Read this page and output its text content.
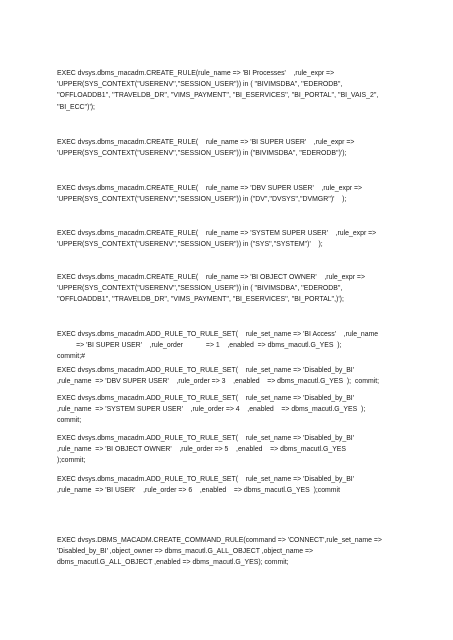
EXEC dvsys.dbms_macadm.CREATE_RULE(rule_name => 'BI Processes'    ,rule_expr =>
'UPPER(SYS_CONTEXT(''USERENV'',''SESSION_USER'')) in ( ''BIVIMSDBA'', ''EDERODB'',
''OFFLOADDB1'', ''TRAVELDB_DR'', ''VIMS_PAYMENT'', ''BI_ESERVICES'', ''BI_PORTAL'', ''BI_VAIS_2'',
''BI_ECC'')');
EXEC dvsys.dbms_macadm.CREATE_RULE(    rule_name => 'BI SUPER USER'    ,rule_expr =>
'UPPER(SYS_CONTEXT(''USERENV'',''SESSION_USER'')) in (''BIVIMSDBA'', ''EDERODB'')');
EXEC dvsys.dbms_macadm.CREATE_RULE(    rule_name => 'DBV SUPER USER'    ,rule_expr =>
'UPPER(SYS_CONTEXT(''USERENV'',''SESSION_USER'')) in (''DV'',''DVSYS'',''DVMGR'')'    );
EXEC dvsys.dbms_macadm.CREATE_RULE(    rule_name => 'SYSTEM SUPER USER'    ,rule_expr =>
'UPPER(SYS_CONTEXT(''USERENV'',''SESSION_USER'')) in (''SYS'',''SYSTEM'')'    );
EXEC dvsys.dbms_macadm.CREATE_RULE(    rule_name => 'BI OBJECT OWNER'    ,rule_expr =>
'UPPER(SYS_CONTEXT(''USERENV'',''SESSION_USER'')) in ( ''BIVIMSDBA'', ''EDERODB'',
''OFFLOADDB1'', ''TRAVELDB_DR'', ''VIMS_PAYMENT'', ''BI_ESERVICES'', ''BI_PORTAL'',)');
EXEC dvsys.dbms_macadm.ADD_RULE_TO_RULE_SET(    rule_set_name => 'BI Access'    ,rule_name
=> 'BI SUPER USER'    ,rule_order            => 1    ,enabled  => dbms_macutl.G_YES  );
commit;#
EXEC dvsys.dbms_macadm.ADD_RULE_TO_RULE_SET(    rule_set_name => 'Disabled_by_BI'
,rule_name  => 'DBV SUPER USER'    ,rule_order => 3    ,enabled    => dbms_macutl.G_YES  );  commit;
EXEC dvsys.dbms_macadm.ADD_RULE_TO_RULE_SET(    rule_set_name => 'Disabled_by_BI'
,rule_name  => 'SYSTEM SUPER USER'    ,rule_order => 4    ,enabled    => dbms_macutl.G_YES  );
commit;
EXEC dvsys.dbms_macadm.ADD_RULE_TO_RULE_SET(    rule_set_name => 'Disabled_by_BI'
,rule_name  => 'BI OBJECT OWNER'    ,rule_order => 5    ,enabled    => dbms_macutl.G_YES
);commit;
EXEC dvsys.dbms_macadm.ADD_RULE_TO_RULE_SET(    rule_set_name => 'Disabled_by_BI'
,rule_name  => 'BI USER'    ,rule_order => 6    ,enabled    => dbms_macutl.G_YES  );commit
EXEC dvsys.DBMS_MACADM.CREATE_COMMAND_RULE(command => 'CONNECT',rule_set_name =>
'Disabled_by_BI' ,object_owner => dbms_macutl.G_ALL_OBJECT ,object_name =>
dbms_macutl.G_ALL_OBJECT ,enabled => dbms_macutl.G_YES); commit;
